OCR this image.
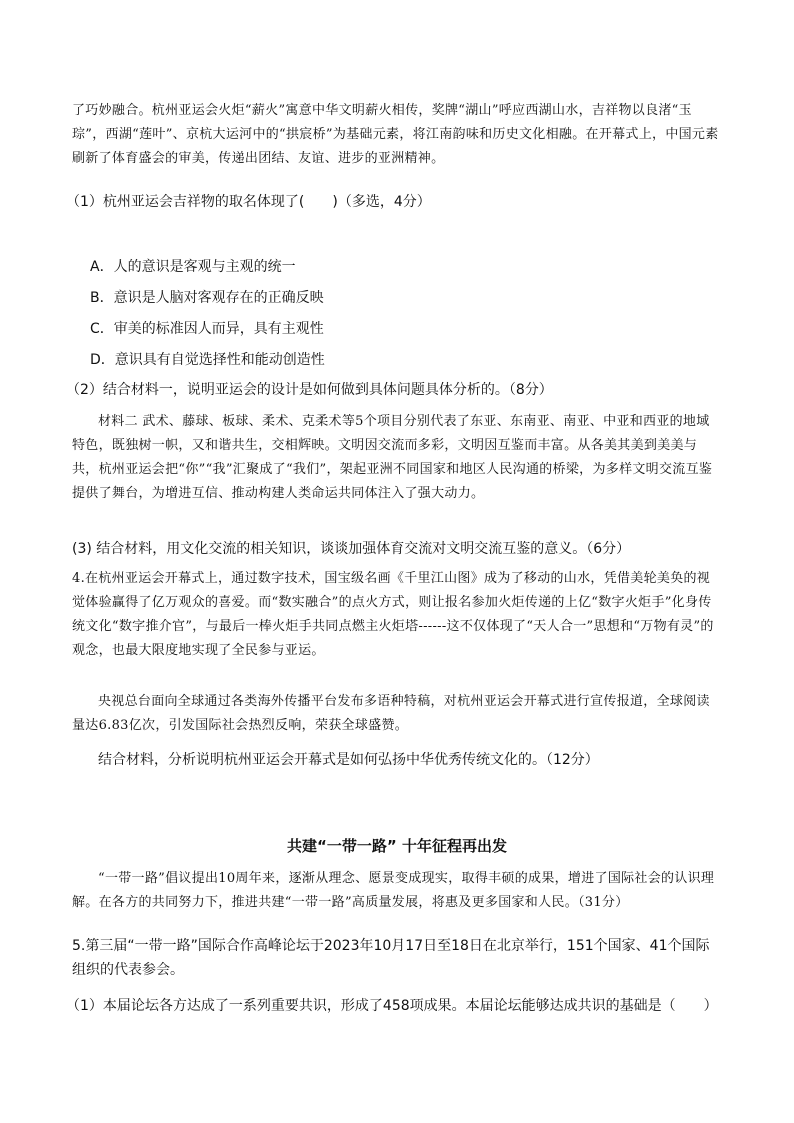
了巧妙融合。杭州亚运会火炬“薪火”寓意中华文明薪火相传，奖牌“湖山”呼应西湖山水，吉祥物以良渚“玉琮”，西湖“莲叶”、京杭大运河中的“拱宸桥”为基础元素，将江南韵味和历史文化相融。在开幕式上，中国元素刷新了体育盛会的审美，传递出团结、友谊、进步的亚洲精神。

（1）杭州亚运会吉祥物的取名体现了(　　)（多选，4分）

A．人的意识是客观与主观的统一

B．意识是人脑对客观存在的正确反映

C．审美的标准因人而异，具有主观性

D．意识具有自觉选择性和能动创造性

（2）结合材料一，说明亚运会的设计是如何做到具体问题具体分析的。（8分）

材料二 武术、藤球、板球、柔术、克柔术等5个项目分别代表了东亚、东南亚、南亚、中亚和西亚的地域特色，既独树一帜，又和谐共生，交相辉映。文明因交流而多彩，文明因互鉴而丰富。从各美其美到美美与共，杭州亚运会把“你”“我”汇聚成了“我们”，架起亚洲不同国家和地区人民沟通的桥梁，为多样文明交流互鉴提供了舞台，为增进互信、推动构建人类命运共同体注入了强大动力。

(3) 结合材料，用文化交流的相关知识，谈谈加强体育交流对文明交流互鉴的意义。（6分）

4.在杭州亚运会开幕式上，通过数字技术，国宝级名画《千里江山图》成为了移动的山水，凭借美轮美奂的视觉体验赢得了亿万观众的喜爱。而“数实融合”的点火方式，则让报名参加火炬传递的上亿“数字火炬手”化身传统文化“数字推介官”，与最后一棒火炬手共同点燃主火炬塔------这不仅体现了“天人合一”思想和“万物有灵”的观念，也最大限度地实现了全民参与亚运。

央视总台面向全球通过各类海外传播平台发布多语种特稿，对杭州亚运会开幕式进行宣传报道，全球阅读量达6.83亿次，引发国际社会热烈反响，荣获全球盛赞。

结合材料，分析说明杭州亚运会开幕式是如何弘扬中华优秀传统文化的。（12分）

共建“一带一路” 十年征程再出发

“一带一路”倡议提出10周年来，逐渐从理念、愿景变成现实，取得丰硕的成果，增进了国际社会的认识理解。在各方的共同努力下，推进共建“一带一路”高质量发展，将惠及更多国家和人民。（31分）

5.第三届“一带一路”国际合作高峰论坛于2023年10月17日至18日在北京举行，151个国家、41个国际组织的代表参会。

（1）本届论坛各方达成了一系列重要共识，形成了458项成果。本届论坛能够达成共识的基础是（　　）
